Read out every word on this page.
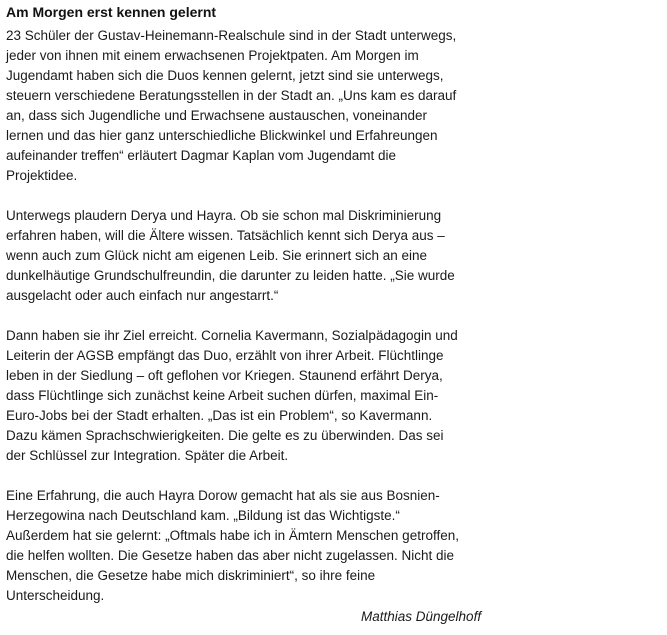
Am Morgen erst kennen gelernt

23 Schüler der Gustav-Heinemann-Realschule sind in der Stadt unterwegs,
jeder von ihnen mit einem erwachsenen Projektpaten. Am Morgen im
Jugendamt haben sich die Duos kennen gelernt, jetzt sind sie unterwegs,
steuern verschiedene Beratungsstellen in der Stadt an. „Uns kam es darauf
an, dass sich Jugendliche und Erwachsene austauschen, voneinander
lernen und das hier ganz unterschiedliche Blickwinkel und Erfahreungen
aufeinander treffen“ erläutert Dagmar Kaplan vom Jugendamt die
Projektidee.

Unterwegs plaudern Derya und Hayra. Ob sie schon mal Diskriminierung
erfahren haben, will die Ältere wissen. Tatsächlich kennt sich Derya aus –
wenn auch zum Glück nicht am eigenen Leib. Sie erinnert sich an eine
dunkelhäutige Grundschulfreundin, die darunter zu leiden hatte. „Sie wurde
ausgelacht oder auch einfach nur angestarrt.“

Dann haben sie ihr Ziel erreicht. Cornelia Kavermann, Sozialpädagogin und
Leiterin der AGSB empfängt das Duo, erzählt von ihrer Arbeit. Flüchtlinge
leben in der Siedlung – oft geflohen vor Kriegen. Staunend erfährt Derya,
dass Flüchtlinge sich zunächst keine Arbeit suchen dürfen, maximal Ein-
Euro-Jobs bei der Stadt erhalten. „Das ist ein Problem“, so Kavermann.
Dazu kämen Sprachschwierigkeiten. Die gelte es zu überwinden. Das sei
der Schlüssel zur Integration. Später die Arbeit.

Eine Erfahrung, die auch Hayra Dorow gemacht hat als sie aus Bosnien-
Herzegowina nach Deutschland kam. „Bildung ist das Wichtigste.“
Außerdem hat sie gelernt: „Oftmals habe ich in Ämtern Menschen getroffen,
die helfen wollten. Die Gesetze haben das aber nicht zugelassen. Nicht die
Menschen, die Gesetze habe mich diskriminiert“, so ihre feine
Unterscheidung.

Matthias Düngelhoff
